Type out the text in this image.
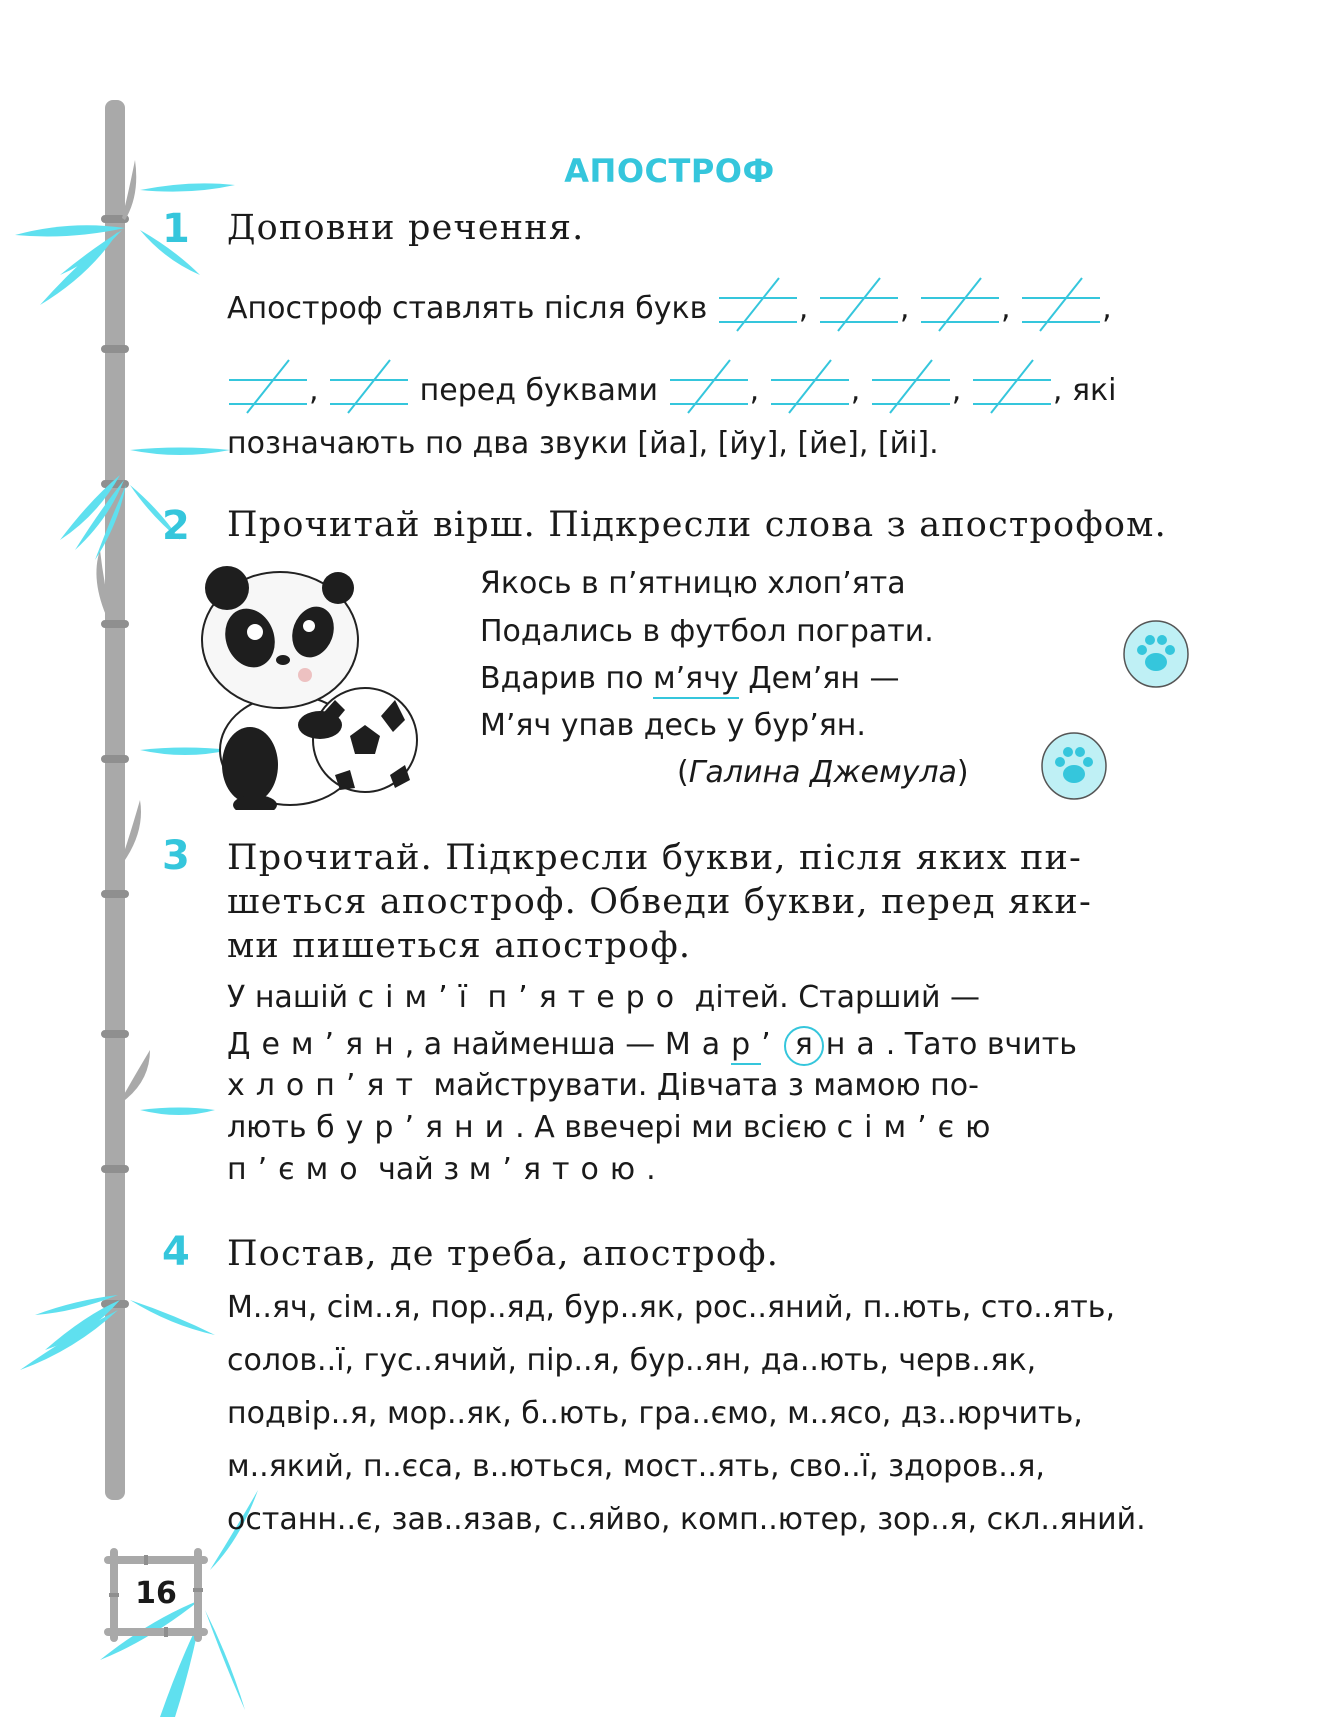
16
АПОСТРОФ
1 Доповни речення.
Апостроф ставлять після букв	,	,	,	,
,	перед буквами	,	,	,	, які
позначають по два звуки [йа], [йу], [йе], [йі].
2 Прочитай вірш. Підкресли слова з апострофом.
Якось в п’ятницю хлоп’ята
Подались в футбол пограти.
Вдарив по м’ячу Дем’ян —
М’яч упав десь у бур’ян.
(Галина Джемула)
3 Прочитай. Підкресли букви, після яких пи-
шеться апостроф. Обведи букви, перед яки-
ми пишеться апостроф.
У нашій сім’ї п’ятеро дітей. Старший —
Дем’ян, а найменша — Мар’ я на. Тато вчить
хлоп’ят майструвати. Дівчата з мамою по-
лють бур’яни. А ввечері ми всією сім’єю
п’ємо чай з м’ятою.
4 Постав, де треба, апостроф.
М..яч, сім..я, пор..яд, бур..як, рос..яний, п..ють, сто..ять,
солов..ї, гус..ячий, пір..я, бур..ян, да..ють, черв..як,
подвір..я, мор..як, б..ють, гра..ємо, м..ясо, дз..юрчить,
м..який, п..єса, в..ються, мост..ять, сво..ї, здоров..я,
останн..є, зав..язав, с..яйво, комп..ютер, зор..я, скл..яний.
